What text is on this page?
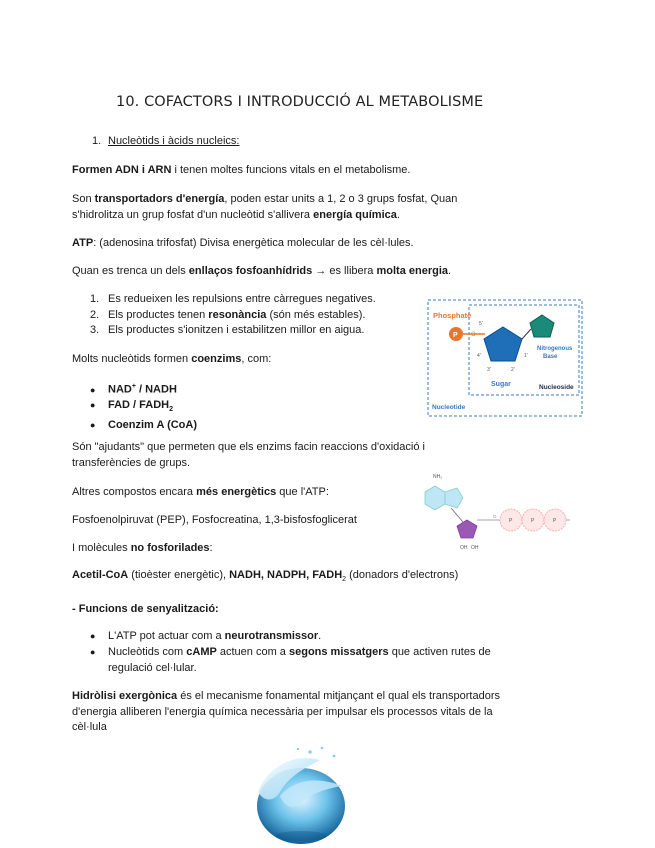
10. COFACTORS I INTRODUCCIÓ AL METABOLISME
1. Nucleòtids i àcids nucleics:
Formen ADN i ARN i tenen moltes funcions vitals en el metabolisme.
Son transportadors d'energía, poden estar units a 1, 2 o 3 grups fosfat, Quan s'hidrolitza un grup fosfat d'un nucleòtid s'allivera energía química.
ATP: (adenosina trifosfat) Divisa energètica molecular de les cèl·lules.
Quan es trenca un dels enllaços fosfoanhídrids → es llibera molta energia.
1. Es redueixen les repulsions entre càrregues negatives.
2. Els productes tenen resonància (són més estables).
3. Els productes s'ionitzen i estabilitzen millor en aigua.
Molts nucleòtids formen coenzims, com:
● NAD+ / NADH
● FAD / $FADH_2$
● Coenzim A (CoA)
Són "ajudants" que permeten que els enzims facin reaccions d'oxidació i transferències de grups.
Altres compostos encara més energètics que l'ATP:
Fosfoenolpiruvat (PEP), Fosfocreatina, 1,3-bisfosfoglicerat
I molècules no fosforilades:
Acetil-CoA (tioèster energètic), NADH, NADPH, $FADH_2$ (donadors d'electrons)
- Funcions de senyalització:
● L'ATP pot actuar com a neurotransmissor.
● Nucleòtids com cAMP actuen com a segons missatgers que activen rutes de regulació cel·lular.
Hidròlisi exergònica és el mecanisme fonamental mitjançant el qual els transportadors d'energia alliberen l'energia química necessària per impulsar els processos vitals de la cèl·lula
Phosphate
P O
5'
4'	1'
3'	2'
Nitrogenous
Base
Sugar	Nucleoside
Nucleotide
NH₂
OH OH
P	P	P
O
